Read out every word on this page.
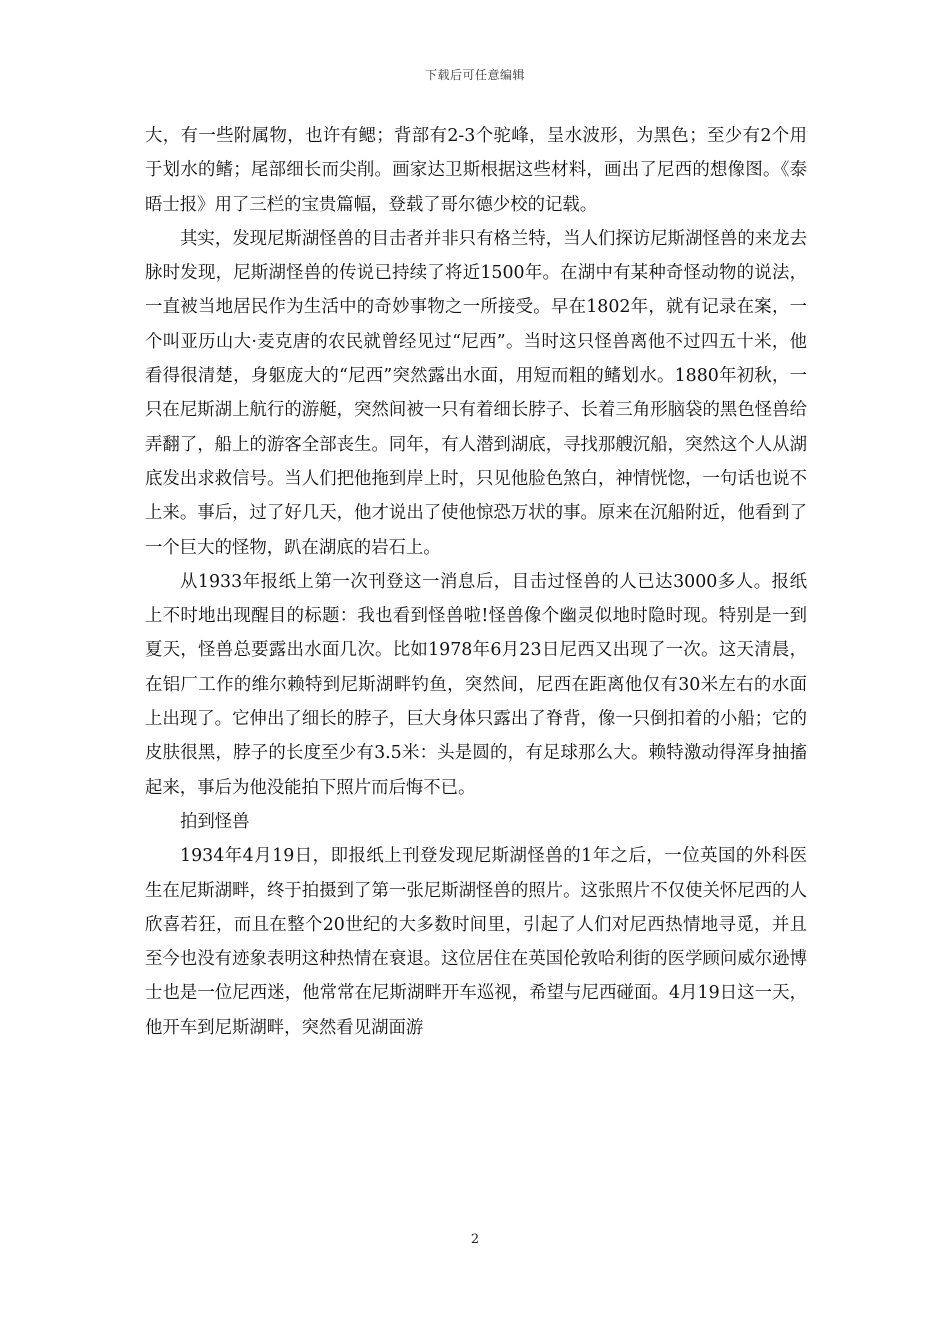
下载后可任意编辑

大，有一些附属物，也许有鳃；背部有2-3个驼峰，呈水波形，为黑色；至少有2个用于划水的鳍；尾部细长而尖削。画家达卫斯根据这些材料，画出了尼西的想像图。《泰晤士报》用了三栏的宝贵篇幅，登载了哥尔德少校的记载。

其实，发现尼斯湖怪兽的目击者并非只有格兰特，当人们探访尼斯湖怪兽的来龙去脉时发现，尼斯湖怪兽的传说已持续了将近1500年。在湖中有某种奇怪动物的说法，一直被当地居民作为生活中的奇妙事物之一所接受。早在1802年，就有记录在案，一个叫亚历山大·麦克唐的农民就曾经见过“尼西”。当时这只怪兽离他不过四五十米，他看得很清楚，身躯庞大的“尼西”突然露出水面，用短而粗的鳍划水。1880年初秋，一只在尼斯湖上航行的游艇，突然间被一只有着细长脖子、长着三角形脑袋的黑色怪兽给弄翻了，船上的游客全部丧生。同年，有人潜到湖底，寻找那艘沉船，突然这个人从湖底发出求救信号。当人们把他拖到岸上时，只见他脸色煞白，神情恍惚，一句话也说不上来。事后，过了好几天，他才说出了使他惊恐万状的事。原来在沉船附近，他看到了一个巨大的怪物，趴在湖底的岩石上。

从1933年报纸上第一次刊登这一消息后，目击过怪兽的人已达3000多人。报纸上不时地出现醒目的标题：我也看到怪兽啦!怪兽像个幽灵似地时隐时现。特别是一到夏天，怪兽总要露出水面几次。比如1978年6月23日尼西又出现了一次。这天清晨，在铝厂工作的维尔赖特到尼斯湖畔钓鱼，突然间，尼西在距离他仅有30米左右的水面上出现了。它伸出了细长的脖子，巨大身体只露出了脊背，像一只倒扣着的小船；它的皮肤很黑，脖子的长度至少有3.5米：头是圆的，有足球那么大。赖特激动得浑身抽搐起来，事后为他没能拍下照片而后悔不已。

拍到怪兽

1934年4月19日，即报纸上刊登发现尼斯湖怪兽的1年之后，一位英国的外科医生在尼斯湖畔，终于拍摄到了第一张尼斯湖怪兽的照片。这张照片不仅使关怀尼西的人欣喜若狂，而且在整个20世纪的大多数时间里，引起了人们对尼西热情地寻觅，并且至今也没有迹象表明这种热情在衰退。这位居住在英国伦敦哈利街的医学顾问威尔逊博士也是一位尼西迷，他常常在尼斯湖畔开车巡视，希望与尼西碰面。4月19日这一天，他开车到尼斯湖畔，突然看见湖面游

2
